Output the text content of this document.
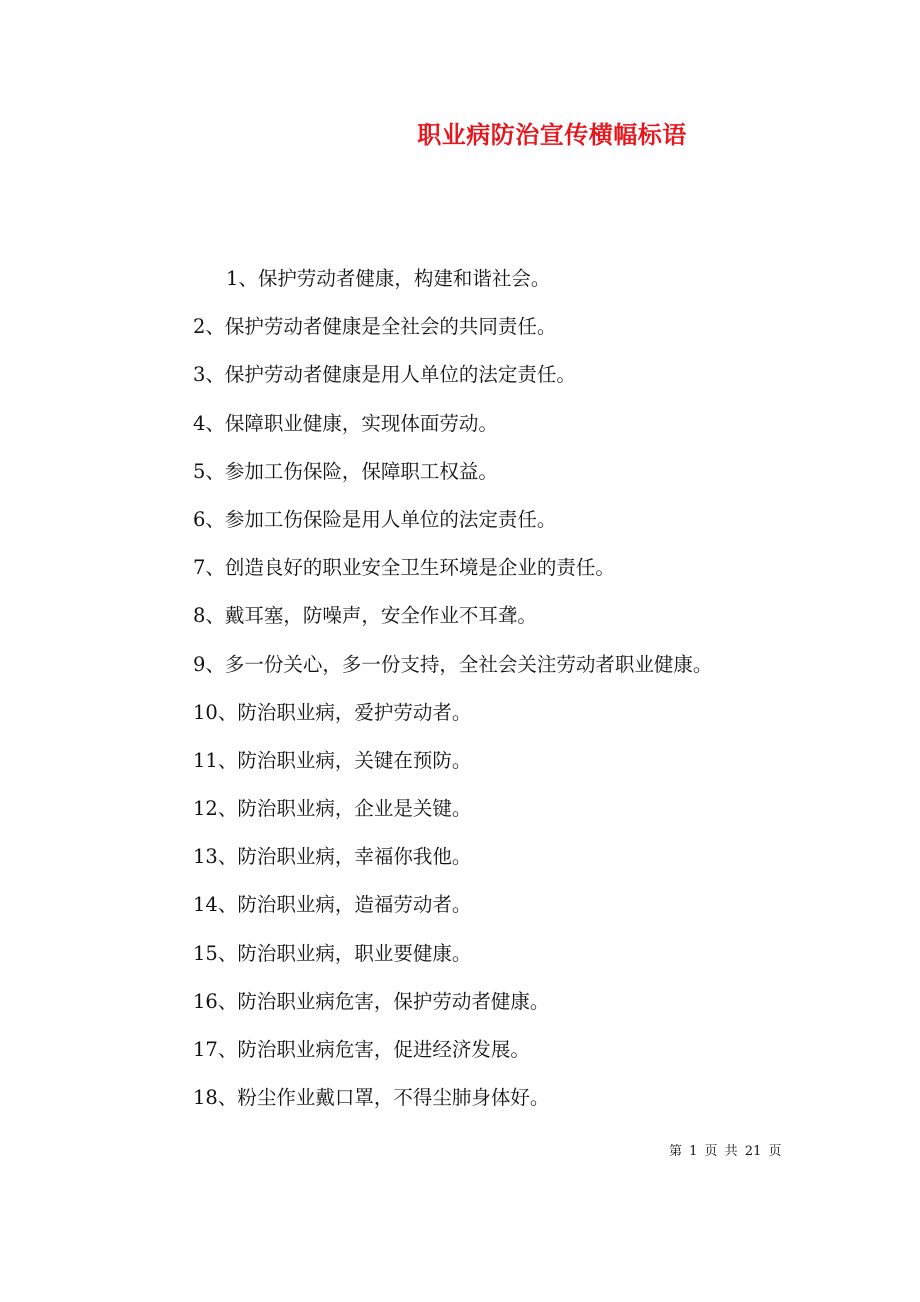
职业病防治宣传横幅标语
1、保护劳动者健康，构建和谐社会。
2、保护劳动者健康是全社会的共同责任。
3、保护劳动者健康是用人单位的法定责任。
4、保障职业健康，实现体面劳动。
5、参加工伤保险，保障职工权益。
6、参加工伤保险是用人单位的法定责任。
7、创造良好的职业安全卫生环境是企业的责任。
8、戴耳塞，防噪声，安全作业不耳聋。
9、多一份关心，多一份支持，全社会关注劳动者职业健康。
10、防治职业病，爱护劳动者。
11、防治职业病，关键在预防。
12、防治职业病，企业是关键。
13、防治职业病，幸福你我他。
14、防治职业病，造福劳动者。
15、防治职业病，职业要健康。
16、防治职业病危害，保护劳动者健康。
17、防治职业病危害，促进经济发展。
18、粉尘作业戴口罩，不得尘肺身体好。
第 1 页 共 21 页
